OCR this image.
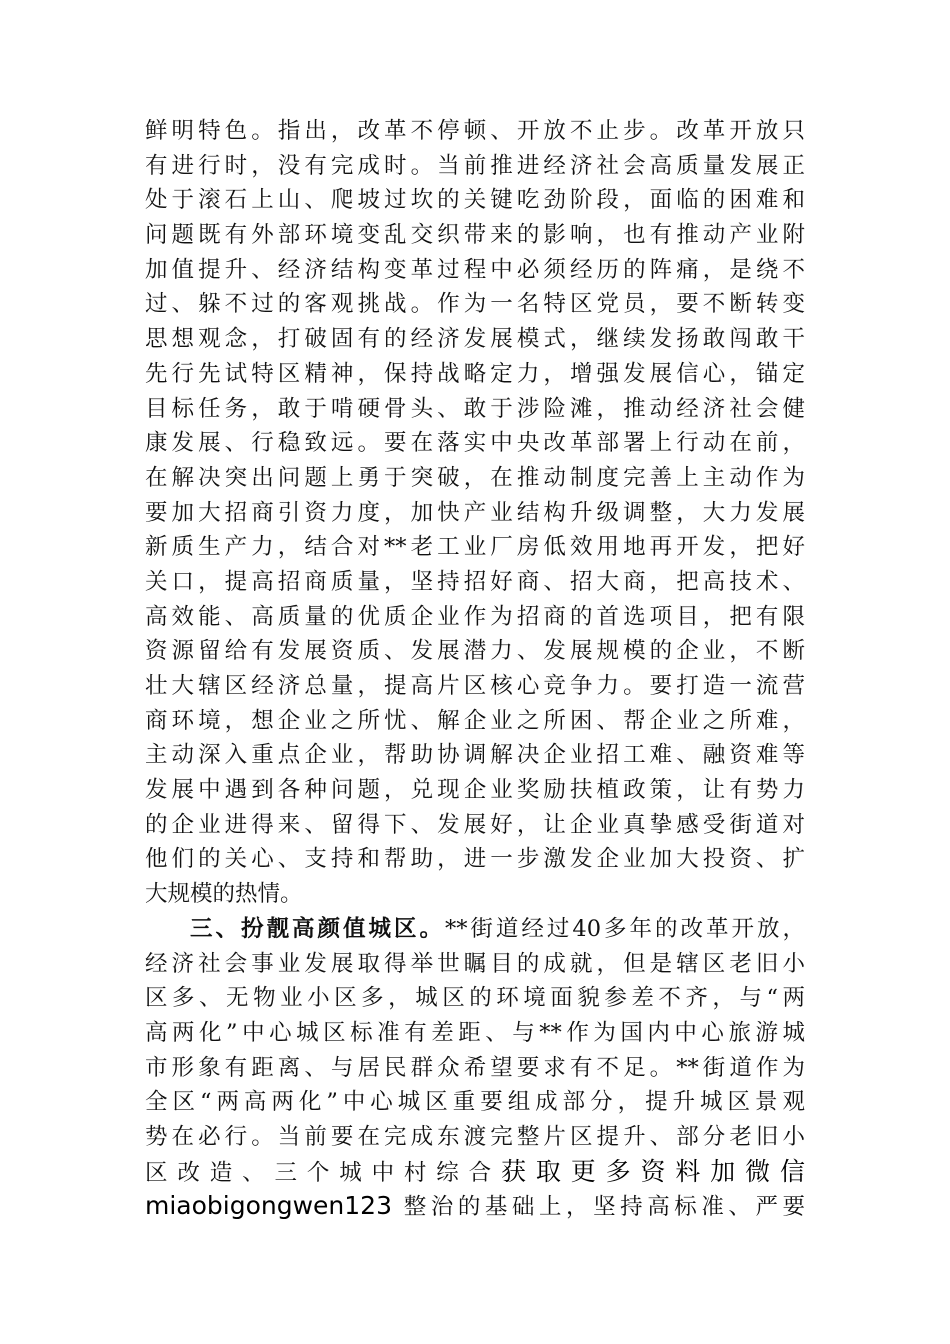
鲜明特色。指出，改革不停顿、开放不止步。改革开放只
有进行时，没有完成时。当前推进经济社会高质量发展正
处于滚石上山、爬坡过坎的关键吃劲阶段，面临的困难和
问题既有外部环境变乱交织带来的影响，也有推动产业附
加值提升、经济结构变革过程中必须经历的阵痛，是绕不
过、躲不过的客观挑战。作为一名特区党员，要不断转变
思想观念，打破固有的经济发展模式，继续发扬敢闯敢干
先行先试特区精神，保持战略定力，增强发展信心，锚定
目标任务，敢于啃硬骨头、敢于涉险滩，推动经济社会健
康发展、行稳致远。要在落实中央改革部署上行动在前，
在解决突出问题上勇于突破，在推动制度完善上主动作为
要加大招商引资力度，加快产业结构升级调整，大力发展
新质生产力，结合对**老工业厂房低效用地再开发，把好
关口，提高招商质量，坚持招好商、招大商，把高技术、
高效能、高质量的优质企业作为招商的首选项目，把有限
资源留给有发展资质、发展潜力、发展规模的企业，不断
壮大辖区经济总量，提高片区核心竞争力。要打造一流营
商环境，想企业之所忧、解企业之所困、帮企业之所难，
主动深入重点企业，帮助协调解决企业招工难、融资难等
发展中遇到各种问题，兑现企业奖励扶植政策，让有势力
的企业进得来、留得下、发展好，让企业真挚感受街道对
他们的关心、支持和帮助，进一步激发企业加大投资、扩
大规模的热情。
三、扮靓高颜值城区。**街道经过40多年的改革开放，
经济社会事业发展取得举世瞩目的成就，但是辖区老旧小
区多、无物业小区多，城区的环境面貌参差不齐，与“两
高两化”中心城区标准有差距、与**作为国内中心旅游城
市形象有距离、与居民群众希望要求有不足。**街道作为
全区“两高两化”中心城区重要组成部分，提升城区景观
势在必行。当前要在完成东渡完整片区提升、部分老旧小
区改造、三个城中村综合获取更多资料加微信
miaobigongwen123 整治的基础上，坚持高标准、严要
